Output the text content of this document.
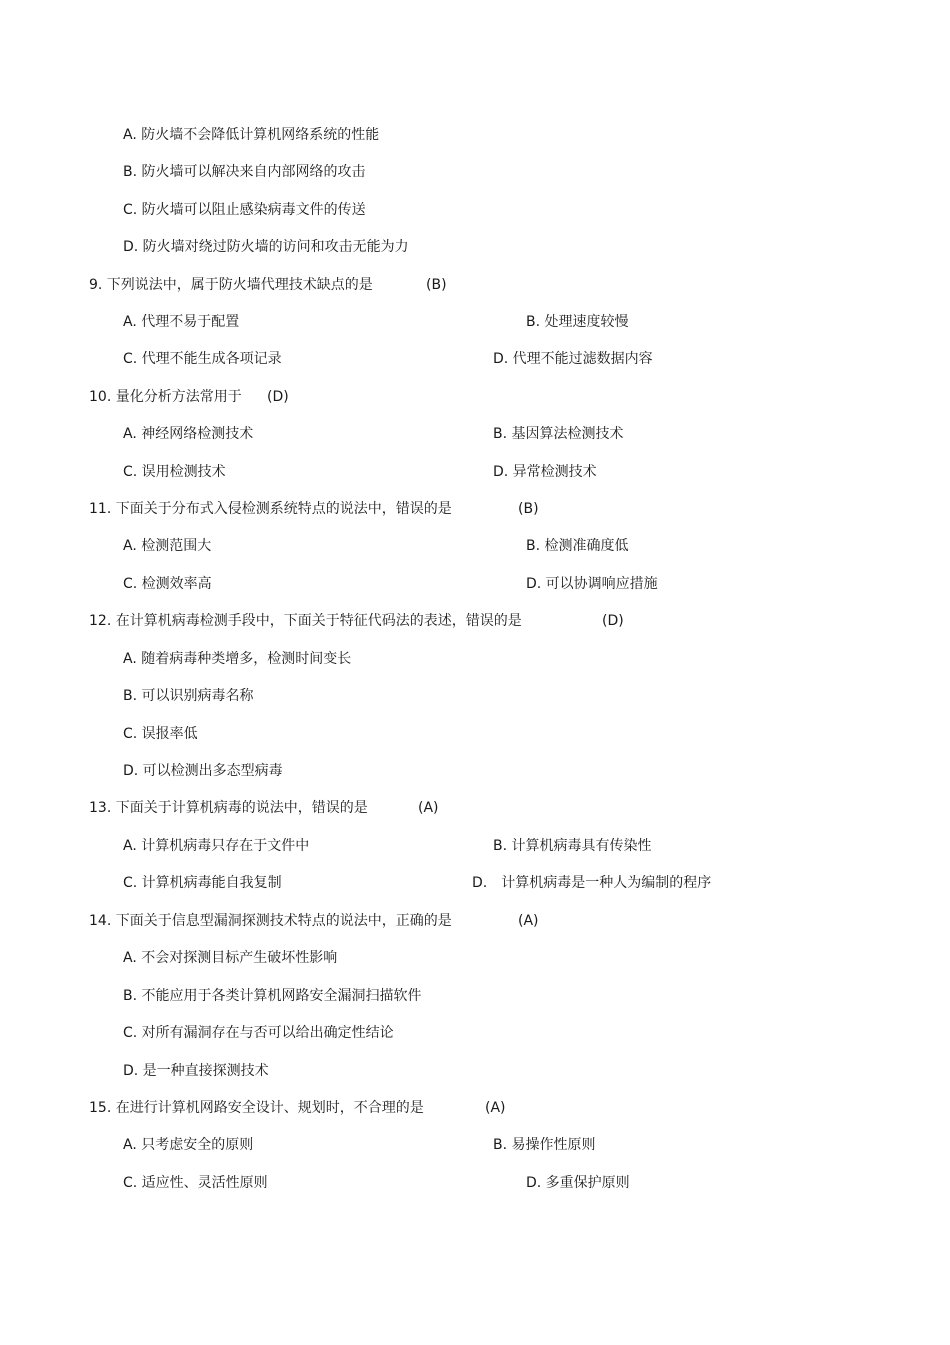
A. 防火墙不会降低计算机网络系统的性能
B. 防火墙可以解决来自内部网络的攻击
C. 防火墙可以阻止感染病毒文件的传送
D. 防火墙对绕过防火墙的访问和攻击无能为力
9. 下列说法中，属于防火墙代理技术缺点的是	(B)
A. 代理不易于配置	B. 处理速度较慢
C. 代理不能生成各项记录	D. 代理不能过滤数据内容
10. 量化分析方法常用于 (D)
A. 神经网络检测技术	B. 基因算法检测技术
C. 误用检测技术	D. 异常检测技术
11. 下面关于分布式入侵检测系统特点的说法中，错误的是	(B)
A. 检测范围大	B. 检测准确度低
C. 检测效率高	D. 可以协调响应措施
12. 在计算机病毒检测手段中，下面关于特征代码法的表述，错误的是	(D)
A. 随着病毒种类增多，检测时间变长
B. 可以识别病毒名称
C. 误报率低
D. 可以检测出多态型病毒
13. 下面关于计算机病毒的说法中，错误的是	(A)
A. 计算机病毒只存在于文件中	B. 计算机病毒具有传染性
C. 计算机病毒能自我复制	D.　计算机病毒是一种人为编制的程序
14. 下面关于信息型漏洞探测技术特点的说法中，正确的是	(A)
A. 不会对探测目标产生破坏性影响
B. 不能应用于各类计算机网路安全漏洞扫描软件
C. 对所有漏洞存在与否可以给出确定性结论
D. 是一种直接探测技术
15. 在进行计算机网路安全设计、规划时，不合理的是	(A)
A. 只考虑安全的原则	B. 易操作性原则
C. 适应性、灵活性原则	D. 多重保护原则
